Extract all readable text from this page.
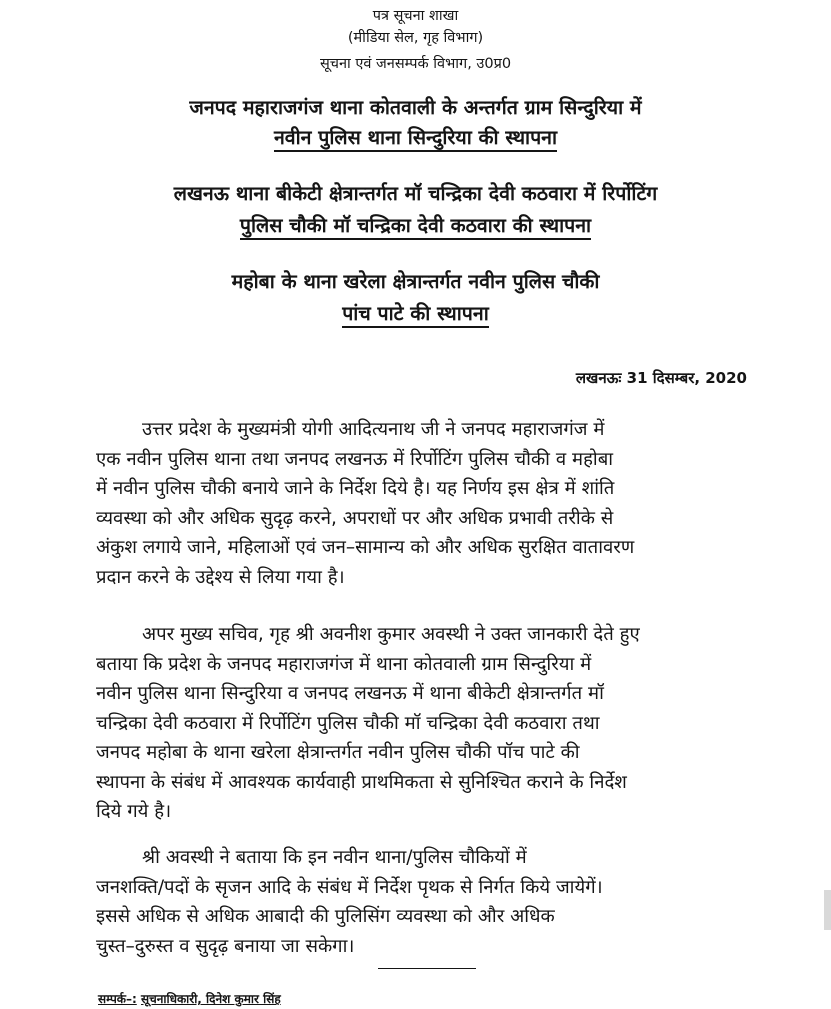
पत्र सूचना शाखा
(मीडिया सेल, गृह विभाग)
सूचना एवं जनसम्पर्क विभाग, उ0प्र0
जनपद महाराजगंज थाना कोतवाली के अन्तर्गत ग्राम सिन्दुरिया में
नवीन पुलिस थाना सिन्दुरिया की स्थापना
लखनऊ थाना बीकेटी क्षेत्रान्तर्गत मॉ चन्द्रिका देवी कठवारा में रिर्पोटिंग
पुलिस चौकी मॉ चन्द्रिका देवी कठवारा की स्थापना
महोबा के थाना खरेला क्षेत्रान्तर्गत नवीन पुलिस चौकी
पांच पाटे की स्थापना
लखनऊः 31 दिसम्बर, 2020
उत्तर प्रदेश के मुख्यमंत्री योगी आदित्यनाथ जी ने जनपद महाराजगंज में
एक नवीन पुलिस थाना तथा जनपद लखनऊ में रिर्पोटिंग पुलिस चौकी व महोबा
में नवीन पुलिस चौकी बनाये जाने के निर्देश दिये है। यह निर्णय इस क्षेत्र में शांति
व्यवस्था को और अधिक सुदृढ़ करने, अपराधों पर और अधिक प्रभावी तरीके से
अंकुश लगाये जाने, महिलाओं एवं जन–सामान्य को और अधिक सुरक्षित वातावरण
प्रदान करने के उद्देश्य से लिया गया है।
अपर मुख्य सचिव, गृह श्री अवनीश कुमार अवस्थी ने उक्त जानकारी देते हुए
बताया कि प्रदेश के जनपद महाराजगंज में थाना कोतवाली ग्राम सिन्दुरिया में
नवीन पुलिस थाना सिन्दुरिया व जनपद लखनऊ में थाना बीकेटी क्षेत्रान्तर्गत मॉ
चन्द्रिका देवी कठवारा में रिर्पोटिंग पुलिस चौकी मॉ चन्द्रिका देवी कठवारा तथा
जनपद महोबा के थाना खरेला क्षेत्रान्तर्गत नवीन पुलिस चौकी पॉच पाटे की
स्थापना के संबंध में आवश्यक कार्यवाही प्राथमिकता से सुनिश्चित कराने के निर्देश
दिये गये है।
श्री अवस्थी ने बताया कि इन नवीन थाना/पुलिस चौकियों में
जनशक्ति/पदों के सृजन आदि के संबंध में निर्देश पृथक से निर्गत किये जायेगें।
इससे अधिक से अधिक आबादी की पुलिसिंग व्यवस्था को और अधिक
चुस्त–दुरुस्त व सुदृढ़ बनाया जा सकेगा।
सम्पर्क–: सूचनाधिकारी, दिनेश कुमार सिंह
